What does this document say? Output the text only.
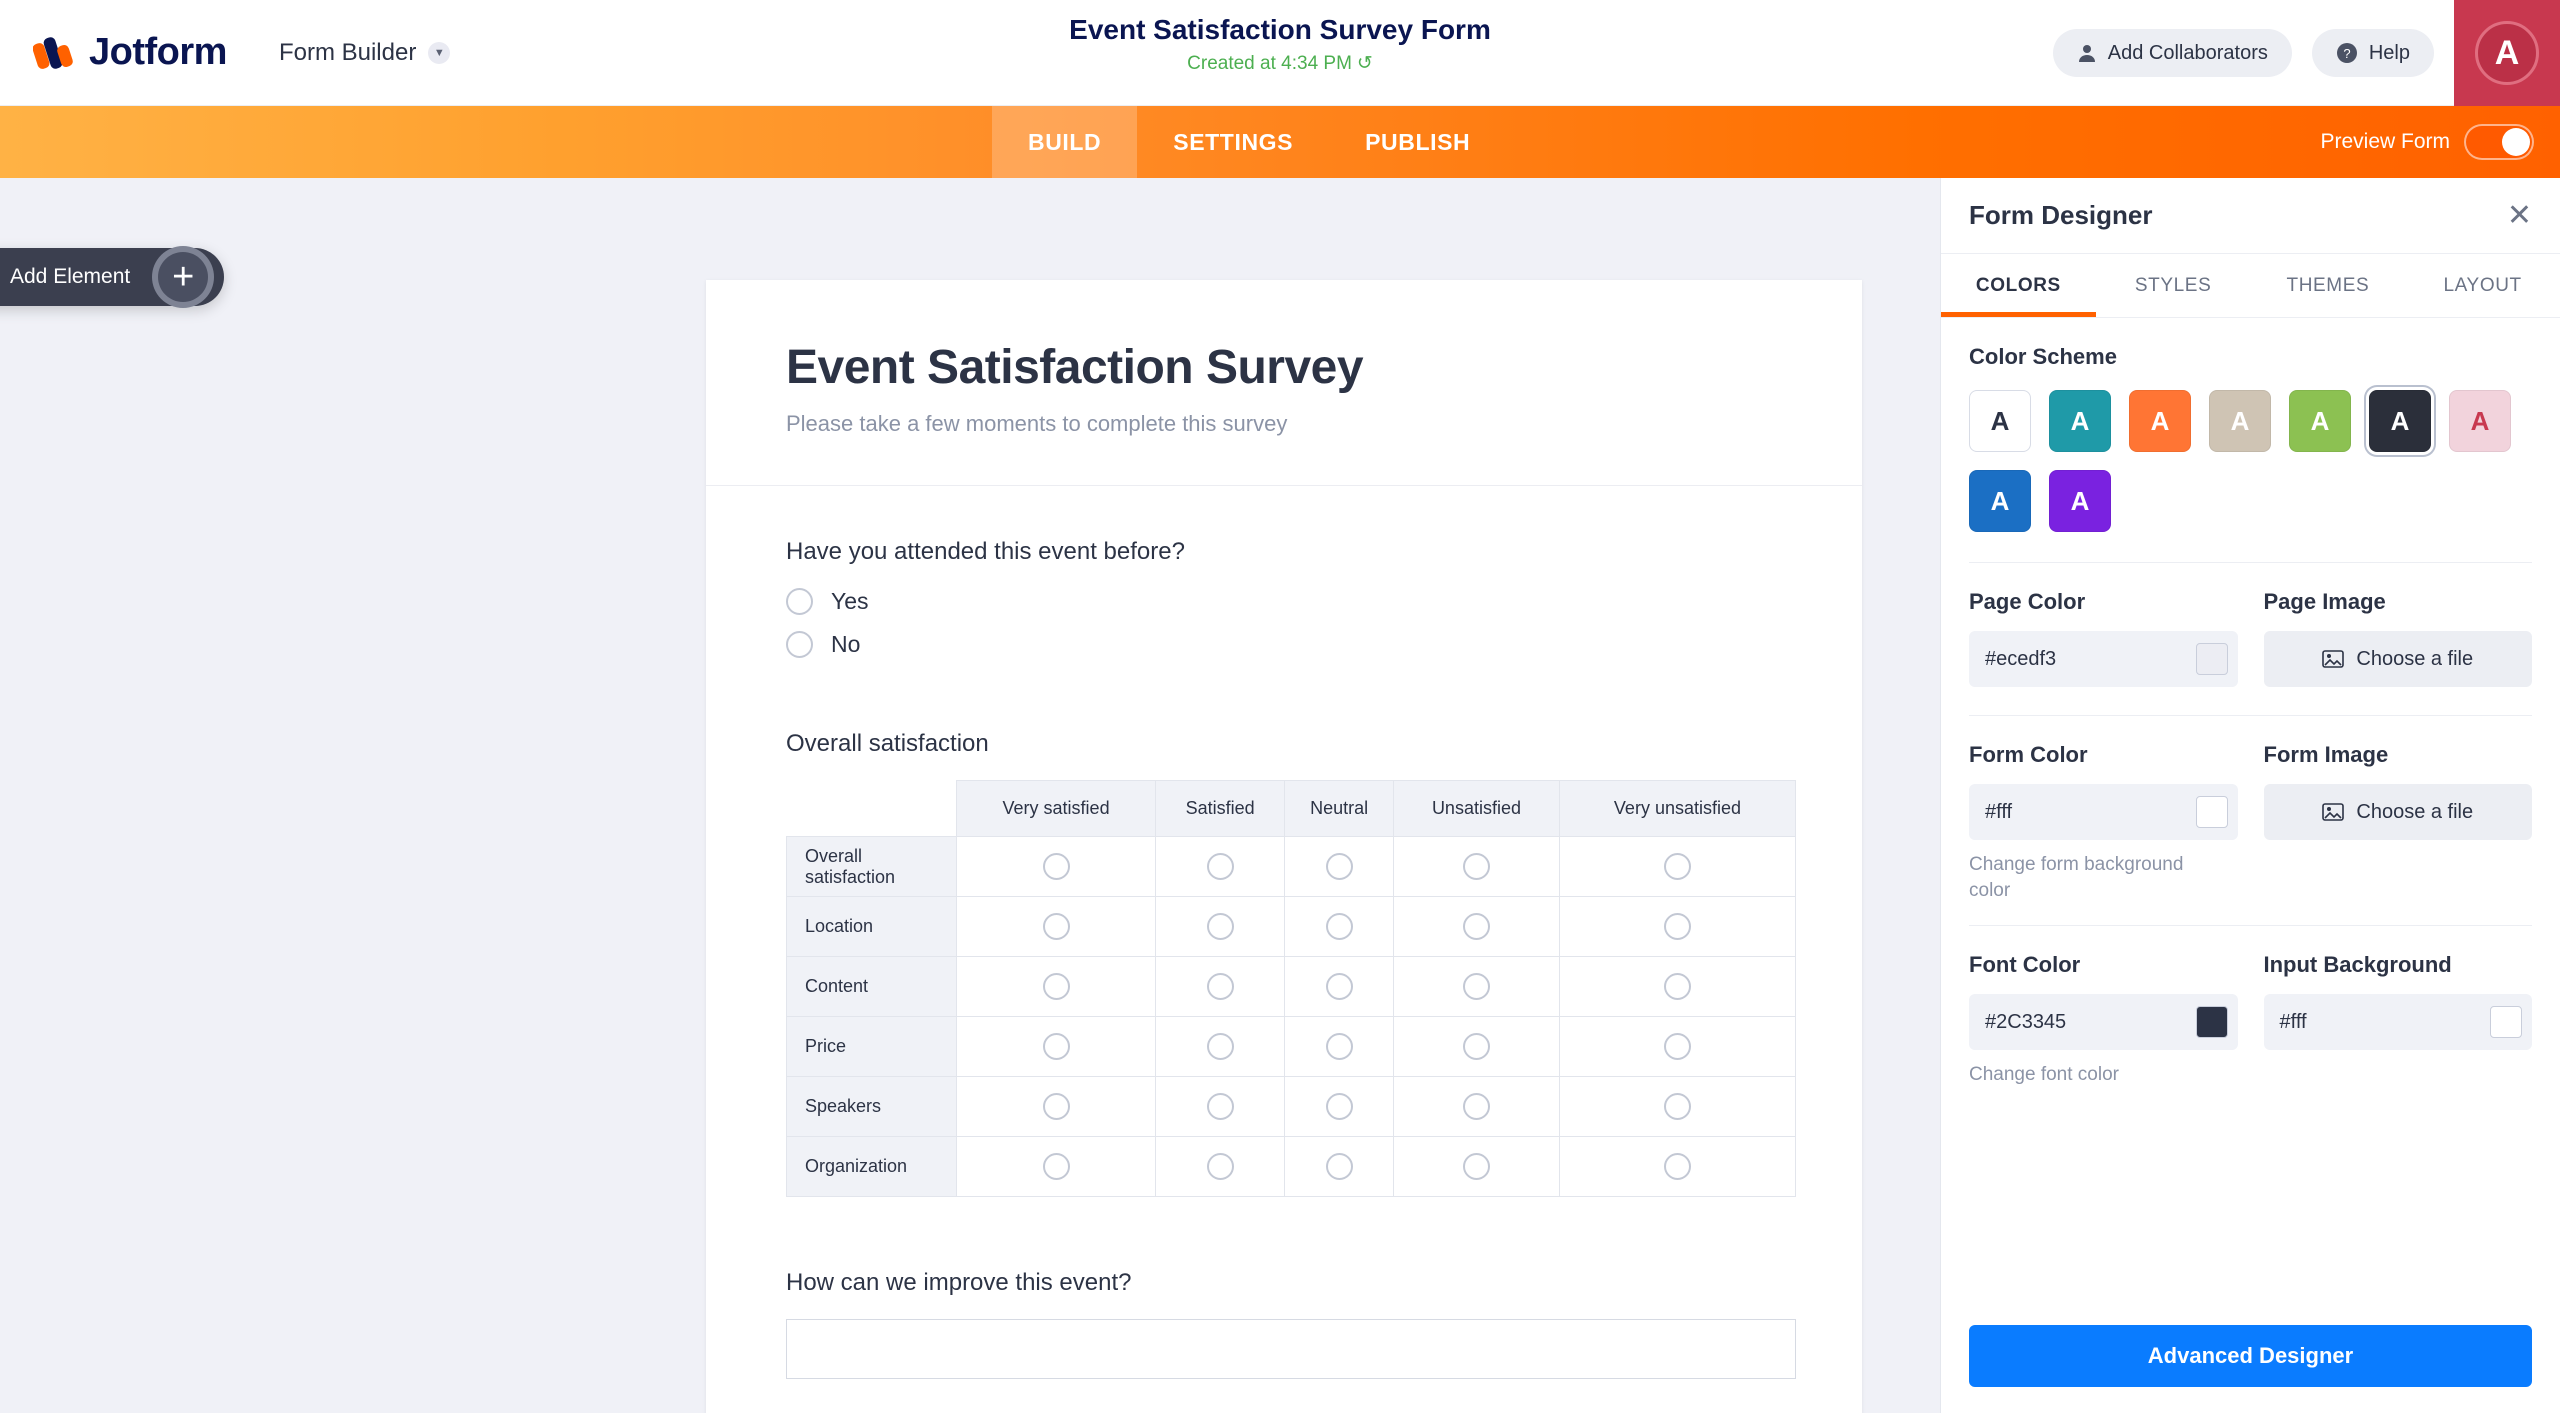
Jotform Form Builder	▼
Event Satisfaction Survey Form
Created at 4:34 PM ↺	Add Collaborators	? Help	A
BUILD	SETTINGS	PUBLISH	Preview Form
Add Element	+
Event Satisfaction Survey

Please take a few moments to complete this survey

Have you attended this event before?
Yes
No
Overall satisfaction
	Very satisfied	Satisfied	Neutral	Unsatisfied	Very unsatisfied
Overall satisfaction					
Location					
Content					
Price					
Speakers					
Organization					
How can we improve this event?
Form Designer	✕
COLORS	STYLES	THEMES	LAYOUT
Color Scheme
A	A	A	A	A	A	A
A	A
Page Color
#ecedf3
Page Image
Choose a file
Form Color
#fff
Form Image
Choose a file
Change form background color
Font Color
#2C3345
Input Background
#fff
Change font color
Advanced Designer
